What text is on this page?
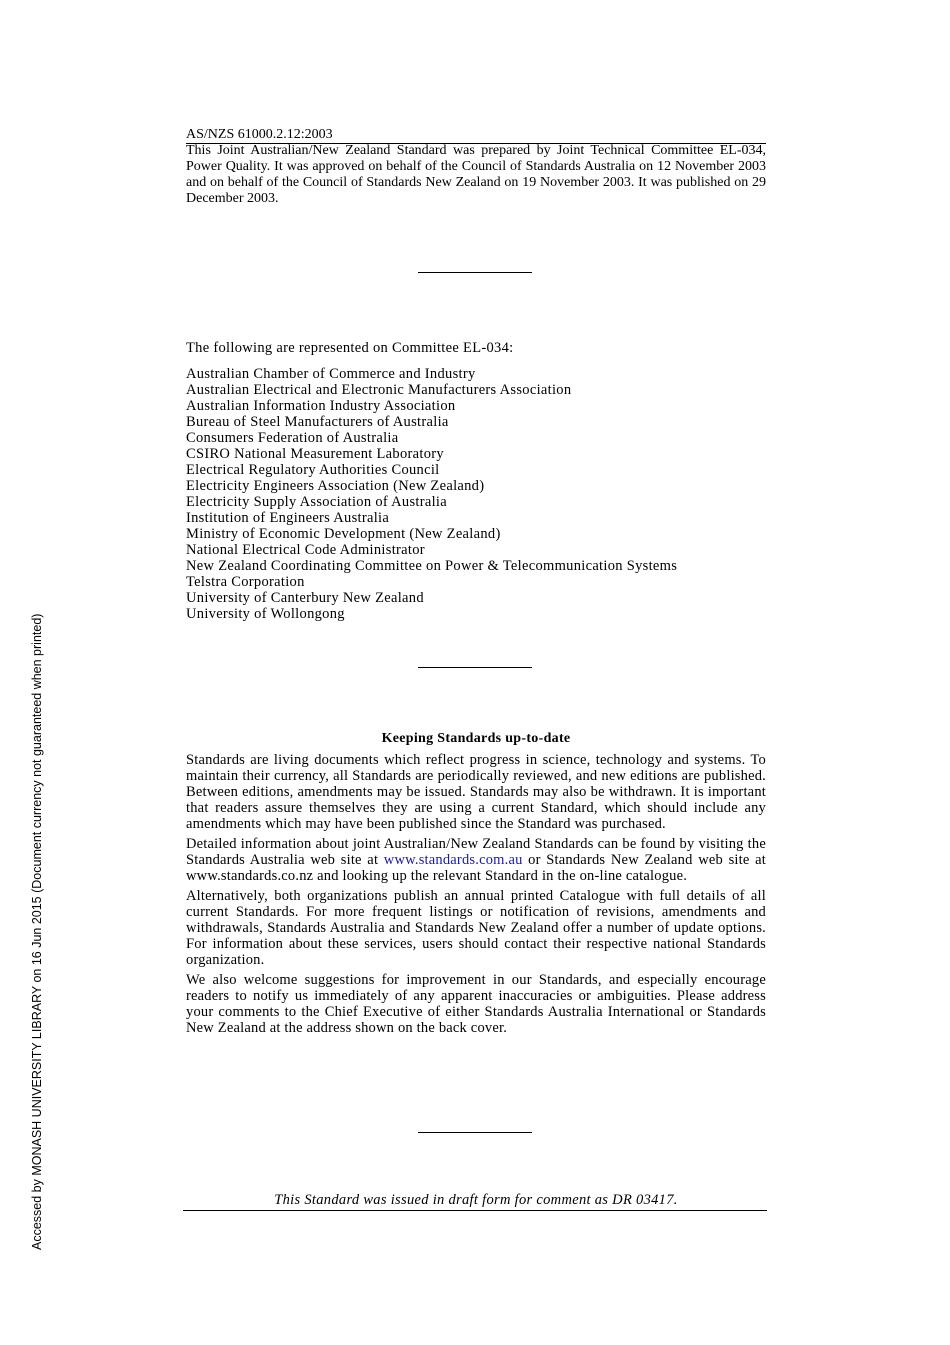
AS/NZS 61000.2.12:2003
This Joint Australian/New Zealand Standard was prepared by Joint Technical Committee EL-034, Power Quality. It was approved on behalf of the Council of Standards Australia on 12 November 2003 and on behalf of the Council of Standards New Zealand on 19 November 2003. It was published on 29 December 2003.
The following are represented on Committee EL-034:
Australian Chamber of Commerce and Industry
Australian Electrical and Electronic Manufacturers Association
Australian Information Industry Association
Bureau of Steel Manufacturers of Australia
Consumers Federation of Australia
CSIRO National Measurement Laboratory
Electrical Regulatory Authorities Council
Electricity Engineers Association (New Zealand)
Electricity Supply Association of Australia
Institution of Engineers Australia
Ministry of Economic Development (New Zealand)
National Electrical Code Administrator
New Zealand Coordinating Committee on Power & Telecommunication Systems
Telstra Corporation
University of Canterbury New Zealand
University of Wollongong
Keeping Standards up-to-date

Standards are living documents which reflect progress in science, technology and systems. To maintain their currency, all Standards are periodically reviewed, and new editions are published. Between editions, amendments may be issued. Standards may also be withdrawn. It is important that readers assure themselves they are using a current Standard, which should include any amendments which may have been published since the Standard was purchased.

Detailed information about joint Australian/New Zealand Standards can be found by visiting the Standards Australia web site at www.standards.com.au or Standards New Zealand web site at www.standards.co.nz and looking up the relevant Standard in the on-line catalogue.

Alternatively, both organizations publish an annual printed Catalogue with full details of all current Standards. For more frequent listings or notification of revisions, amendments and withdrawals, Standards Australia and Standards New Zealand offer a number of update options. For information about these services, users should contact their respective national Standards organization.

We also welcome suggestions for improvement in our Standards, and especially encourage readers to notify us immediately of any apparent inaccuracies or ambiguities. Please address your comments to the Chief Executive of either Standards Australia International or Standards New Zealand at the address shown on the back cover.

This Standard was issued in draft form for comment as DR 03417.
Accessed by MONASH UNIVERSITY LIBRARY on 16 Jun 2015 (Document currency not guaranteed when printed)
